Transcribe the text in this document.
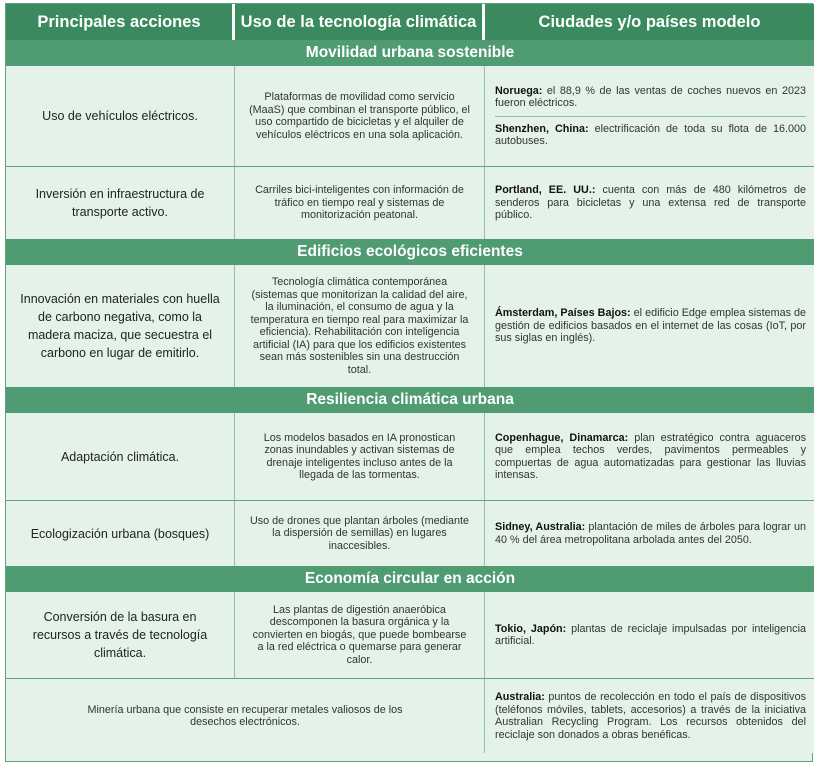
Principales acciones	Uso de la tecnología climática	Ciudades y/o países modelo
Movilidad urbana sostenible
Uso de vehículos eléctricos.
Plataformas de movilidad como servicio (MaaS) que combinan el transporte público, el uso compartido de bicicletas y el alquiler de vehículos eléctricos en una sola aplicación.
Noruega: el 88,9 % de las ventas de coches nuevos en 2023 fueron eléctricos.
Shenzhen, China: electrificación de toda su flota de 16.000 autobuses.
Inversión en infraestructura de transporte activo.
Carriles bici-inteligentes con información de tráfico en tiempo real y sistemas de monitorización peatonal.
Portland, EE. UU.: cuenta con más de 480 kilómetros de senderos para bicicletas y una extensa red de transporte público.
Edificios ecológicos eficientes
Innovación en materiales con huella de carbono negativa, como la madera maciza, que secuestra el carbono en lugar de emitirlo.
Tecnología climática contemporánea (sistemas que monitorizan la calidad del aire, la iluminación, el consumo de agua y la temperatura en tiempo real para maximizar la eficiencia). Rehabilitación con inteligencia artificial (IA) para que los edificios existentes sean más sostenibles sin una destrucción total.
Ámsterdam, Países Bajos: el edificio Edge emplea sistemas de gestión de edificios basados en el internet de las cosas (IoT, por sus siglas en inglés).
Resiliencia climática urbana
Adaptación climática.
Los modelos basados en IA pronostican zonas inundables y activan sistemas de drenaje inteligentes incluso antes de la llegada de las tormentas.
Copenhague, Dinamarca: plan estratégico contra aguaceros que emplea techos verdes, pavimentos permeables y compuertas de agua automatizadas para gestionar las lluvias intensas.
Ecologización urbana (bosques)
Uso de drones que plantan árboles (mediante la dispersión de semillas) en lugares inaccesibles.
Sidney, Australia: plantación de miles de árboles para lograr un 40 % del área metropolitana arbolada antes del 2050.
Economía circular en acción
Conversión de la basura en recursos a través de tecnología climática.
Las plantas de digestión anaeróbica descomponen la basura orgánica y la convierten en biogás, que puede bombearse a la red eléctrica o quemarse para generar calor.
Tokio, Japón: plantas de reciclaje impulsadas por inteligencia artificial.
Minería urbana que consiste en recuperar metales valiosos de los desechos electrónicos.
Australia: puntos de recolección en todo el país de dispositivos (teléfonos móviles, tablets, accesorios) a través de la iniciativa Australian Recycling Program. Los recursos obtenidos del reciclaje son donados a obras benéficas.
